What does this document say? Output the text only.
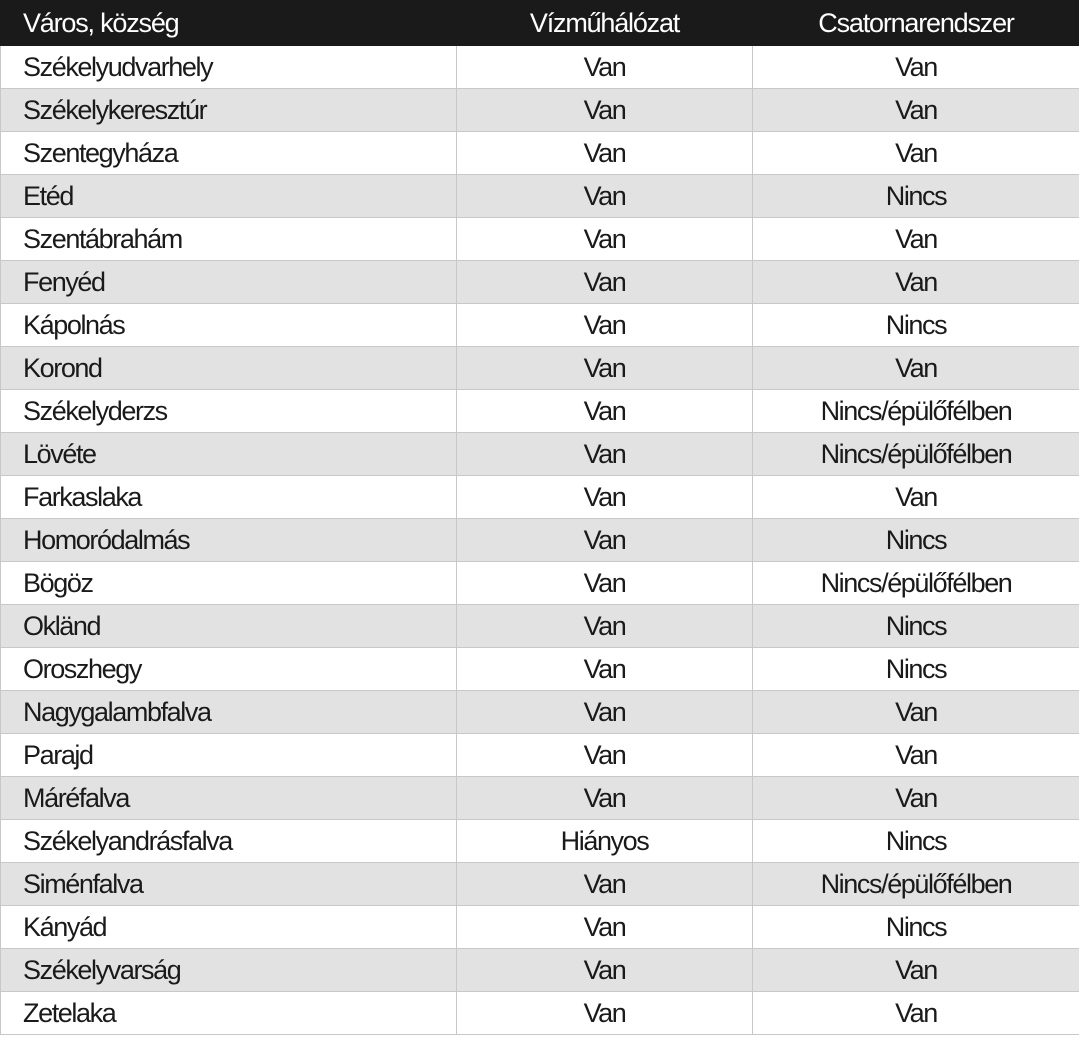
Város, község	Vízműhálózat	Csatornarendszer
Székelyudvarhely	Van	Van
Székelykeresztúr	Van	Van
Szentegyháza	Van	Van
Etéd	Van	Nincs
Szentábrahám	Van	Van
Fenyéd	Van	Van
Kápolnás	Van	Nincs
Korond	Van	Van
Székelyderzs	Van	Nincs/épülőfélben
Lövéte	Van	Nincs/épülőfélben
Farkaslaka	Van	Van
Homoródalmás	Van	Nincs
Bögöz	Van	Nincs/épülőfélben
Okländ	Van	Nincs
Oroszhegy	Van	Nincs
Nagygalambfalva	Van	Van
Parajd	Van	Van
Máréfalva	Van	Van
Székelyandrásfalva	Hiányos	Nincs
Siménfalva	Van	Nincs/épülőfélben
Kányád	Van	Nincs
Székelyvarság	Van	Van
Zetelaka	Van	Van
